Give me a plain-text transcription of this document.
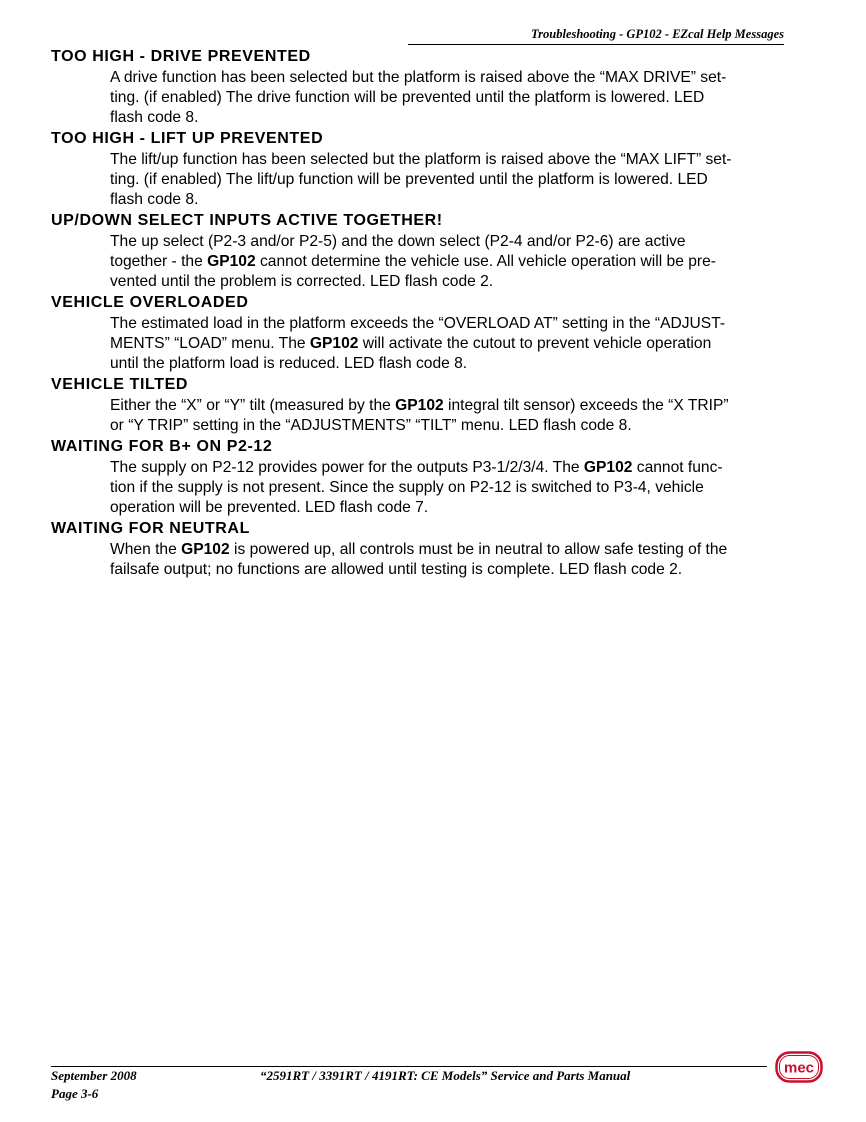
Troubleshooting - GP102 - EZcal Help Messages
TOO HIGH - DRIVE PREVENTED
A drive function has been selected but the platform is raised above the “MAX DRIVE” set-
ting. (if enabled) The drive function will be prevented until the platform is lowered. LED
flash code 8.
TOO HIGH - LIFT UP PREVENTED
The lift/up function has been selected but the platform is raised above the “MAX LIFT” set-
ting. (if enabled) The lift/up function will be prevented until the platform is lowered. LED
flash code 8.
UP/DOWN SELECT INPUTS ACTIVE TOGETHER!
The up select (P2-3 and/or P2-5) and the down select (P2-4 and/or P2-6) are active
together - the GP102 cannot determine the vehicle use. All vehicle operation will be pre-
vented until the problem is corrected. LED flash code 2.
VEHICLE OVERLOADED
The estimated load in the platform exceeds the “OVERLOAD AT” setting in the “ADJUST-
MENTS” “LOAD” menu. The GP102 will activate the cutout to prevent vehicle operation
until the platform load is reduced. LED flash code 8.
VEHICLE TILTED
Either the “X” or “Y” tilt (measured by the GP102 integral tilt sensor) exceeds the “X TRIP”
or “Y TRIP” setting in the “ADJUSTMENTS” “TILT” menu. LED flash code 8.
WAITING FOR B+ ON P2-12
The supply on P2-12 provides power for the outputs P3-1/2/3/4. The GP102 cannot func-
tion if the supply is not present. Since the supply on P2-12 is switched to P3-4, vehicle
operation will be prevented. LED flash code 7.
WAITING FOR NEUTRAL
When the GP102 is powered up, all controls must be in neutral to allow safe testing of the
failsafe output; no functions are allowed until testing is complete. LED flash code 2.
September 2008
Page 3-6
“2591RT / 3391RT / 4191RT: CE Models” Service and Parts Manual	mec
